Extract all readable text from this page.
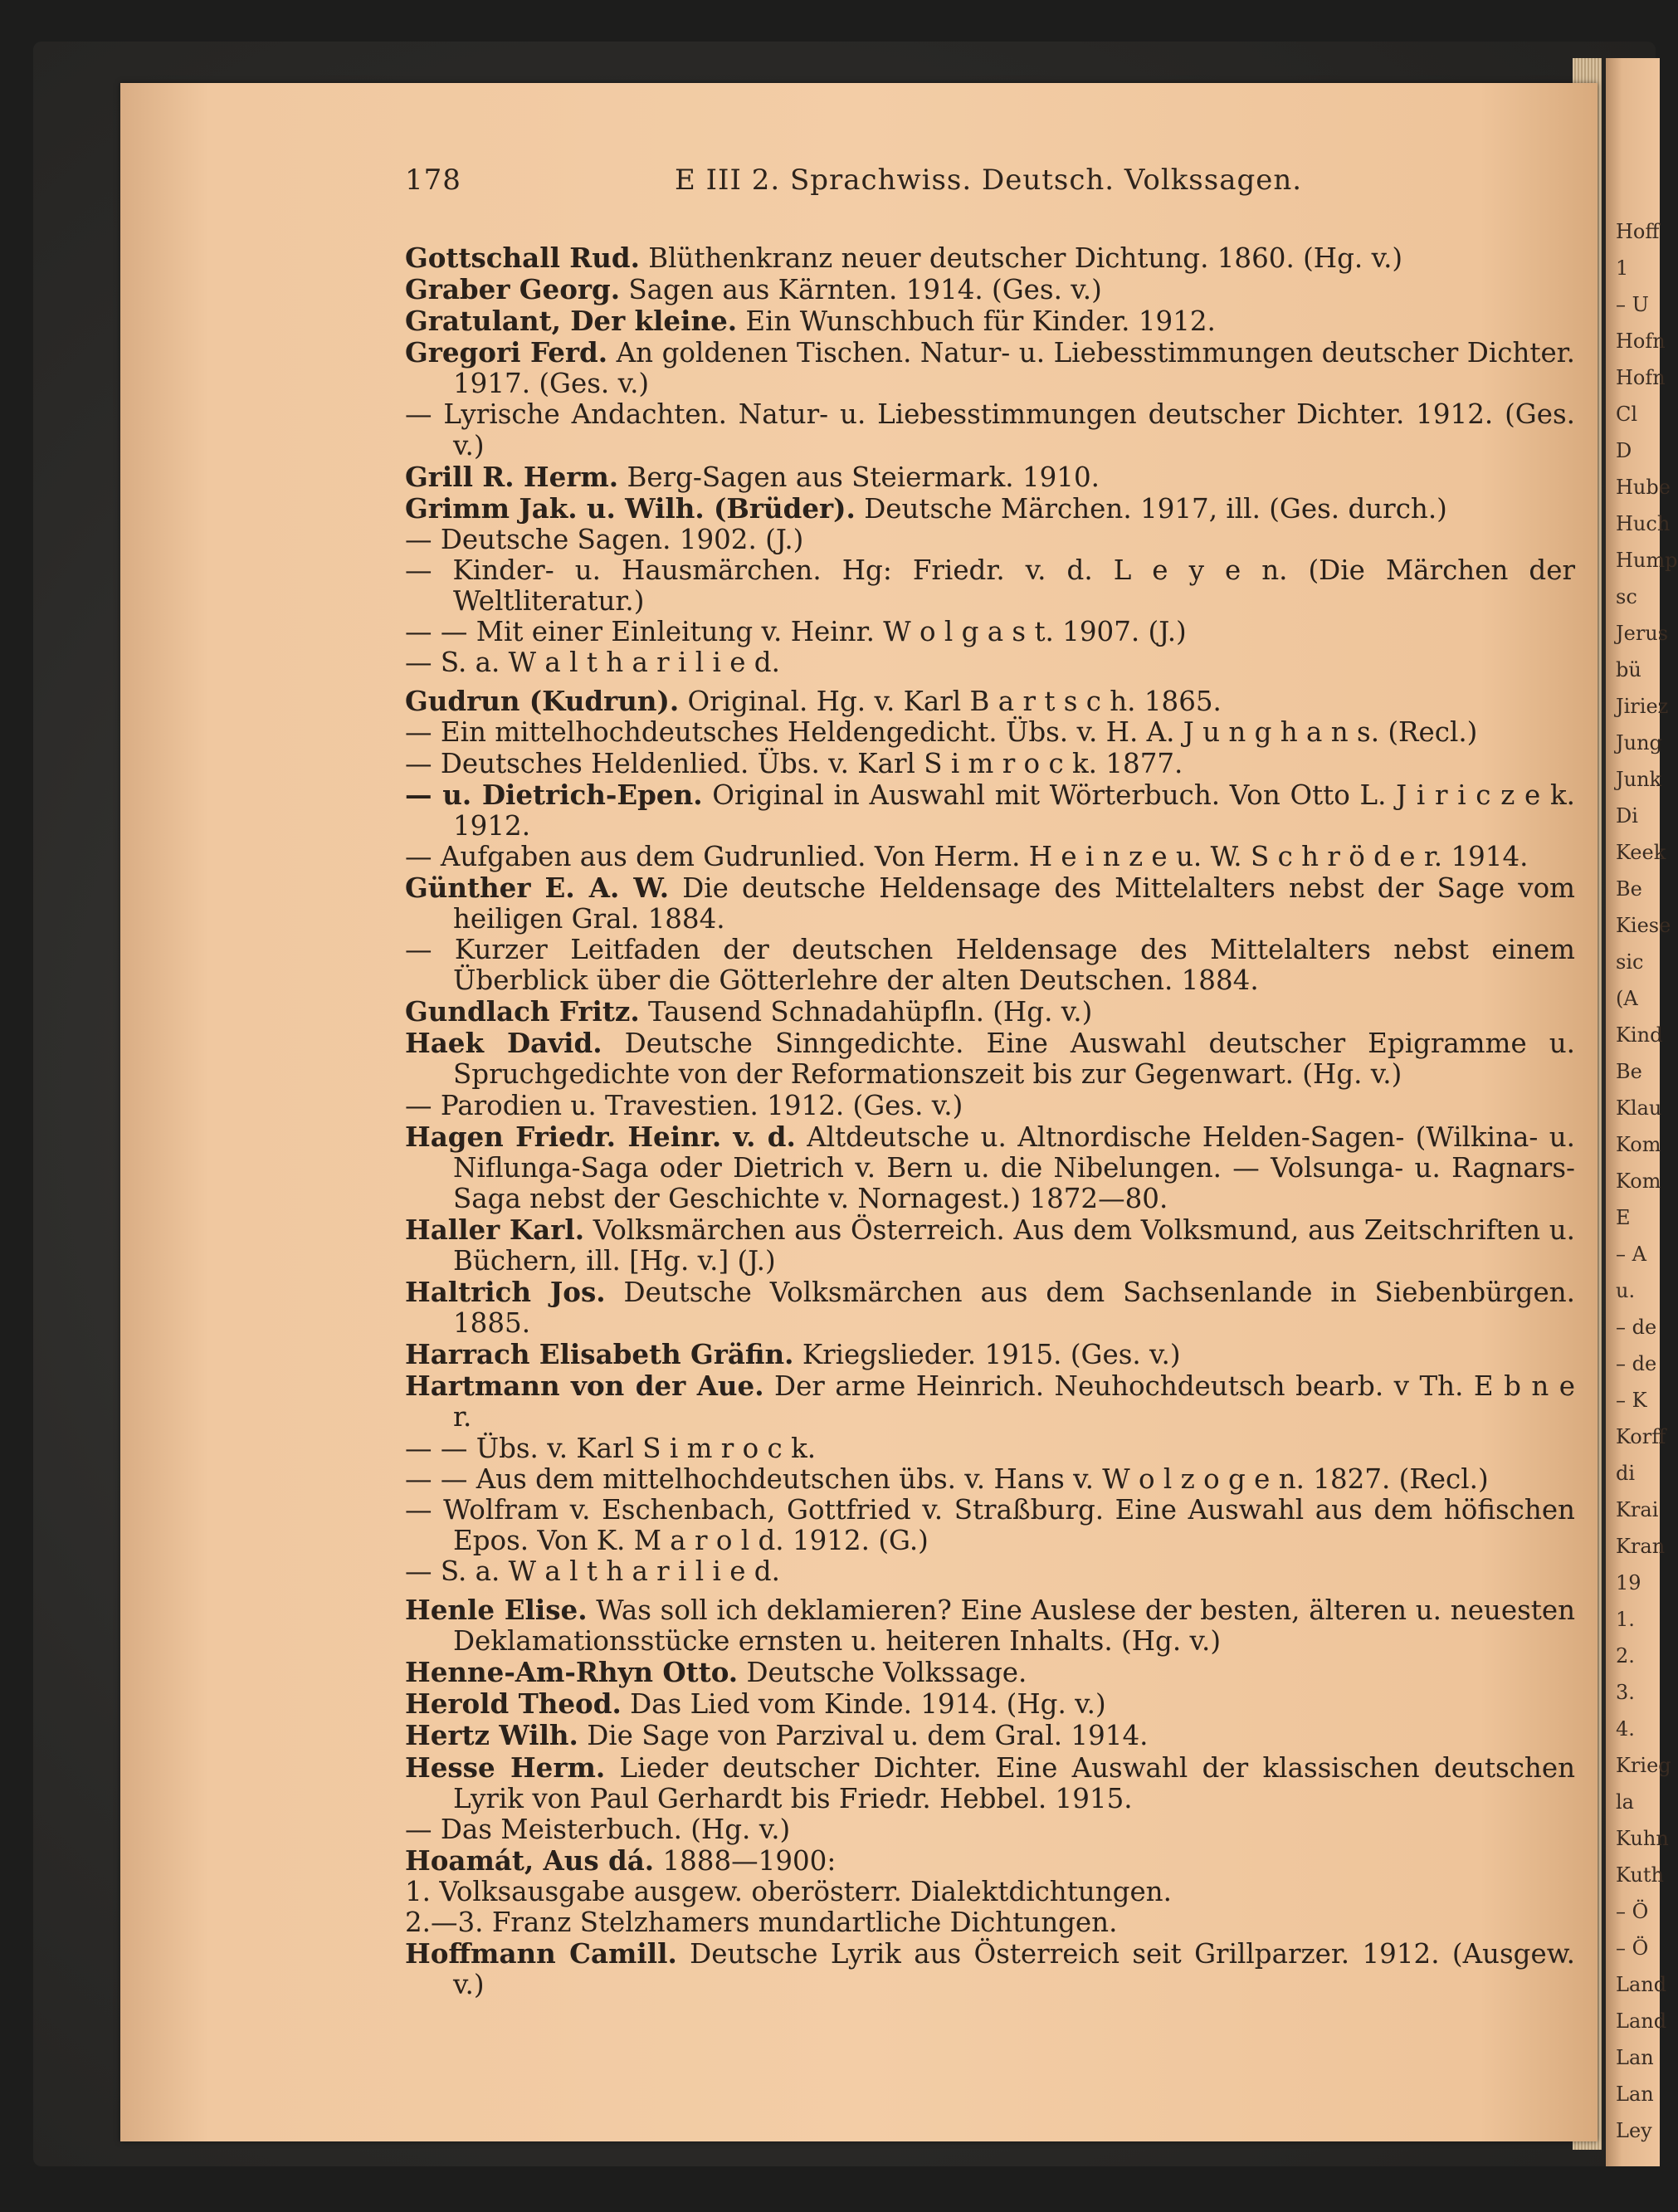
Hoff
1
– U
Hofn
Hofn
Cl
D
Hube
Huch
Hump
sc
Jerus
bü
Jiriez
Jung
Junk
Di
Keek
Be
Kiese
sic
(A
Kind
Be
Klau
Kom
Kom
E
– A
u.
– de
– de
– K
Korff
di
Krai
Kran
19
1.
2.
3.
4.
Krieg
la
Kuhn
Kuth
– Ö
– Ö
Land
Land
Lan
Lan
Ley
178	E III 2. Sprachwiss. Deutsch. Volkssagen.
Gottschall Rud. Blüthenkranz neuer deutscher Dichtung. 1860. (Hg. v.)
Graber Georg. Sagen aus Kärnten. 1914. (Ges. v.)
Gratulant, Der kleine. Ein Wunschbuch für Kinder. 1912.
Gregori Ferd. An goldenen Tischen. Natur- u. Liebesstimmungen deutscher Dichter. 1917. (Ges. v.)
— Lyrische Andachten. Natur- u. Liebesstimmungen deutscher Dichter. 1912. (Ges. v.)
Grill R. Herm. Berg-Sagen aus Steiermark. 1910.
Grimm Jak. u. Wilh. (Brüder). Deutsche Märchen. 1917, ill. (Ges. durch.)
— Deutsche Sagen. 1902. (J.)
— Kinder- u. Hausmärchen. Hg: Friedr. v. d. L e y e n. (Die Märchen der Weltliteratur.)
— — Mit einer Einleitung v. Heinr. W o l g a s t. 1907. (J.)
— S. a. W a l t h a r i l i e d.
Gudrun (Kudrun). Original. Hg. v. Karl B a r t s c h. 1865.
— Ein mittelhochdeutsches Heldengedicht. Übs. v. H. A. J u n g h a n s. (Recl.)
— Deutsches Heldenlied. Übs. v. Karl S i m r o c k. 1877.
— u. Dietrich-Epen. Original in Auswahl mit Wörterbuch. Von Otto L. J i r i c z e k. 1912.
— Aufgaben aus dem Gudrunlied. Von Herm. H e i n z e u. W. S c h r ö d e r. 1914.
Günther E. A. W. Die deutsche Heldensage des Mittelalters nebst der Sage vom heiligen Gral. 1884.
— Kurzer Leitfaden der deutschen Heldensage des Mittelalters nebst einem Überblick über die Götterlehre der alten Deutschen. 1884.
Gundlach Fritz. Tausend Schnadahüpfln. (Hg. v.)
Haek David. Deutsche Sinngedichte. Eine Auswahl deutscher Epigramme u. Spruchgedichte von der Reformationszeit bis zur Gegenwart. (Hg. v.)
— Parodien u. Travestien. 1912. (Ges. v.)
Hagen Friedr. Heinr. v. d. Altdeutsche u. Altnordische Helden-Sagen- (Wilkina- u. Niflunga-Saga oder Dietrich v. Bern u. die Nibelungen. — Volsunga- u. Ragnars-Saga nebst der Geschichte v. Nornagest.) 1872—80.
Haller Karl. Volksmärchen aus Österreich. Aus dem Volksmund, aus Zeitschriften u. Büchern, ill. [Hg. v.] (J.)
Haltrich Jos. Deutsche Volksmärchen aus dem Sachsenlande in Siebenbürgen. 1885.
Harrach Elisabeth Gräfin. Kriegslieder. 1915. (Ges. v.)
Hartmann von der Aue. Der arme Heinrich. Neuhochdeutsch bearb. v Th. E b n e r.
— — Übs. v. Karl S i m r o c k.
— — Aus dem mittelhochdeutschen übs. v. Hans v. W o l z o g e n. 1827. (Recl.)
— Wolfram v. Eschenbach, Gottfried v. Straßburg. Eine Auswahl aus dem höfischen Epos. Von K. M a r o l d. 1912. (G.)
— S. a. W a l t h a r i l i e d.
Henle Elise. Was soll ich deklamieren? Eine Auslese der besten, älteren u. neuesten Deklamationsstücke ernsten u. heiteren Inhalts. (Hg. v.)
Henne-Am-Rhyn Otto. Deutsche Volkssage.
Herold Theod. Das Lied vom Kinde. 1914. (Hg. v.)
Hertz Wilh. Die Sage von Parzival u. dem Gral. 1914.
Hesse Herm. Lieder deutscher Dichter. Eine Auswahl der klassischen deutschen Lyrik von Paul Gerhardt bis Friedr. Hebbel. 1915.
— Das Meisterbuch. (Hg. v.)
Hoamát, Aus dá. 1888—1900:
1. Volksausgabe ausgew. oberösterr. Dialektdichtungen.
2.—3. Franz Stelzhamers mundartliche Dichtungen.
Hoffmann Camill. Deutsche Lyrik aus Österreich seit Grillparzer. 1912. (Ausgew. v.)
